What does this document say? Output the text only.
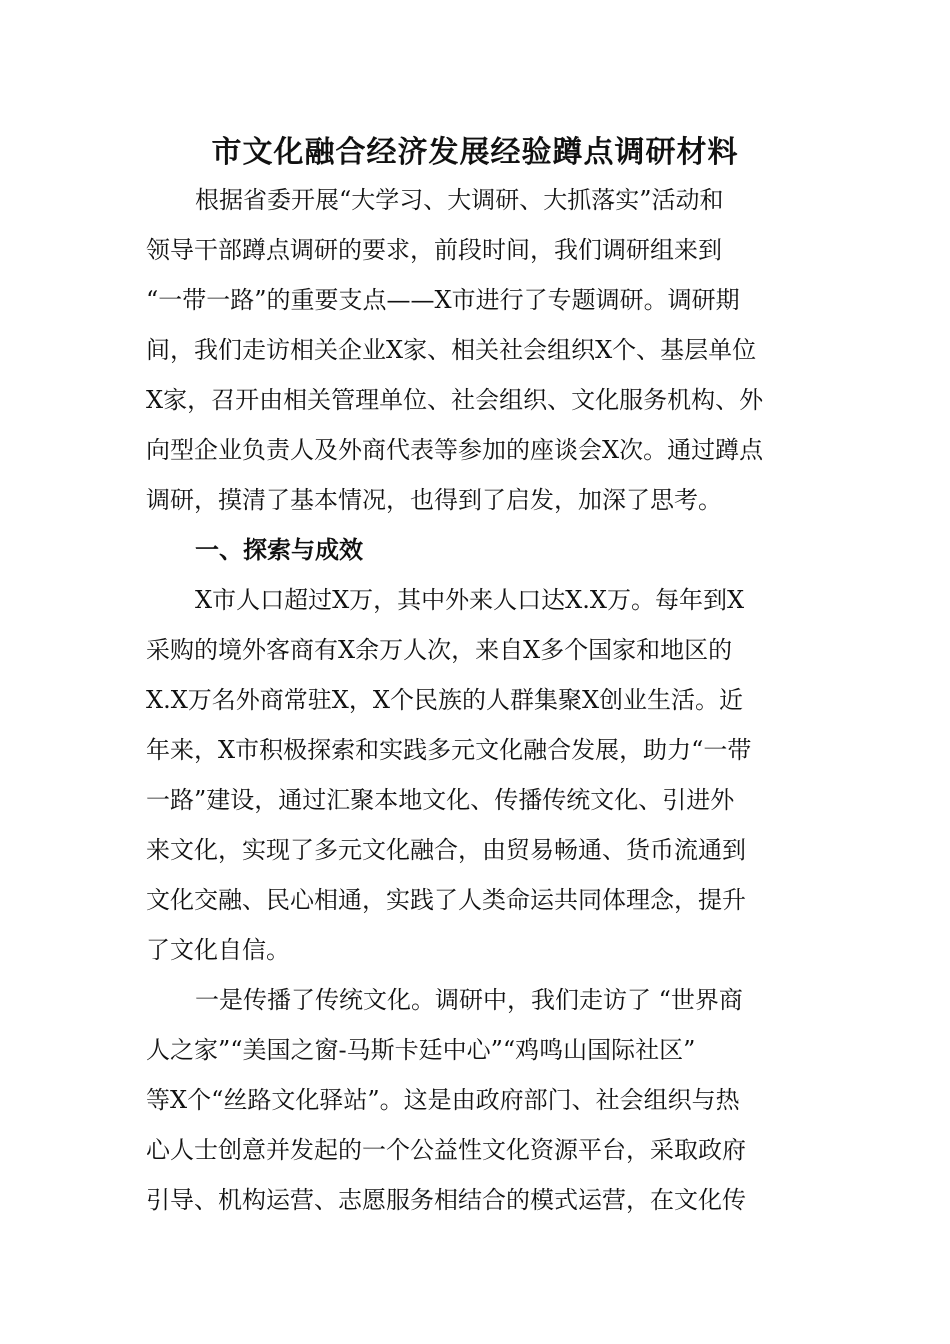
市文化融合经济发展经验蹲点调研材料
根据省委开展“大学习、大调研、大抓落实”活动和
领导干部蹲点调研的要求，前段时间，我们调研组来到
“一带一路”的重要支点——X市进行了专题调研。调研期
间，我们走访相关企业X家、相关社会组织X个、基层单位
X家，召开由相关管理单位、社会组织、文化服务机构、外
向型企业负责人及外商代表等参加的座谈会X次。通过蹲点
调研，摸清了基本情况，也得到了启发，加深了思考。
一、探索与成效
X市人口超过X万，其中外来人口达X.X万。每年到X
采购的境外客商有X余万人次，来自X多个国家和地区的
X.X万名外商常驻X，X个民族的人群集聚X创业生活。近
年来，X市积极探索和实践多元文化融合发展，助力“一带
一路”建设，通过汇聚本地文化、传播传统文化、引进外
来文化，实现了多元文化融合，由贸易畅通、货币流通到
文化交融、民心相通，实践了人类命运共同体理念，提升
了文化自信。
一是传播了传统文化。调研中，我们走访了 “世界商
人之家”“美国之窗-马斯卡廷中心”“鸡鸣山国际社区”
等X个“丝路文化驿站”。这是由政府部门、社会组织与热
心人士创意并发起的一个公益性文化资源平台，采取政府
引导、机构运营、志愿服务相结合的模式运营，在文化传
